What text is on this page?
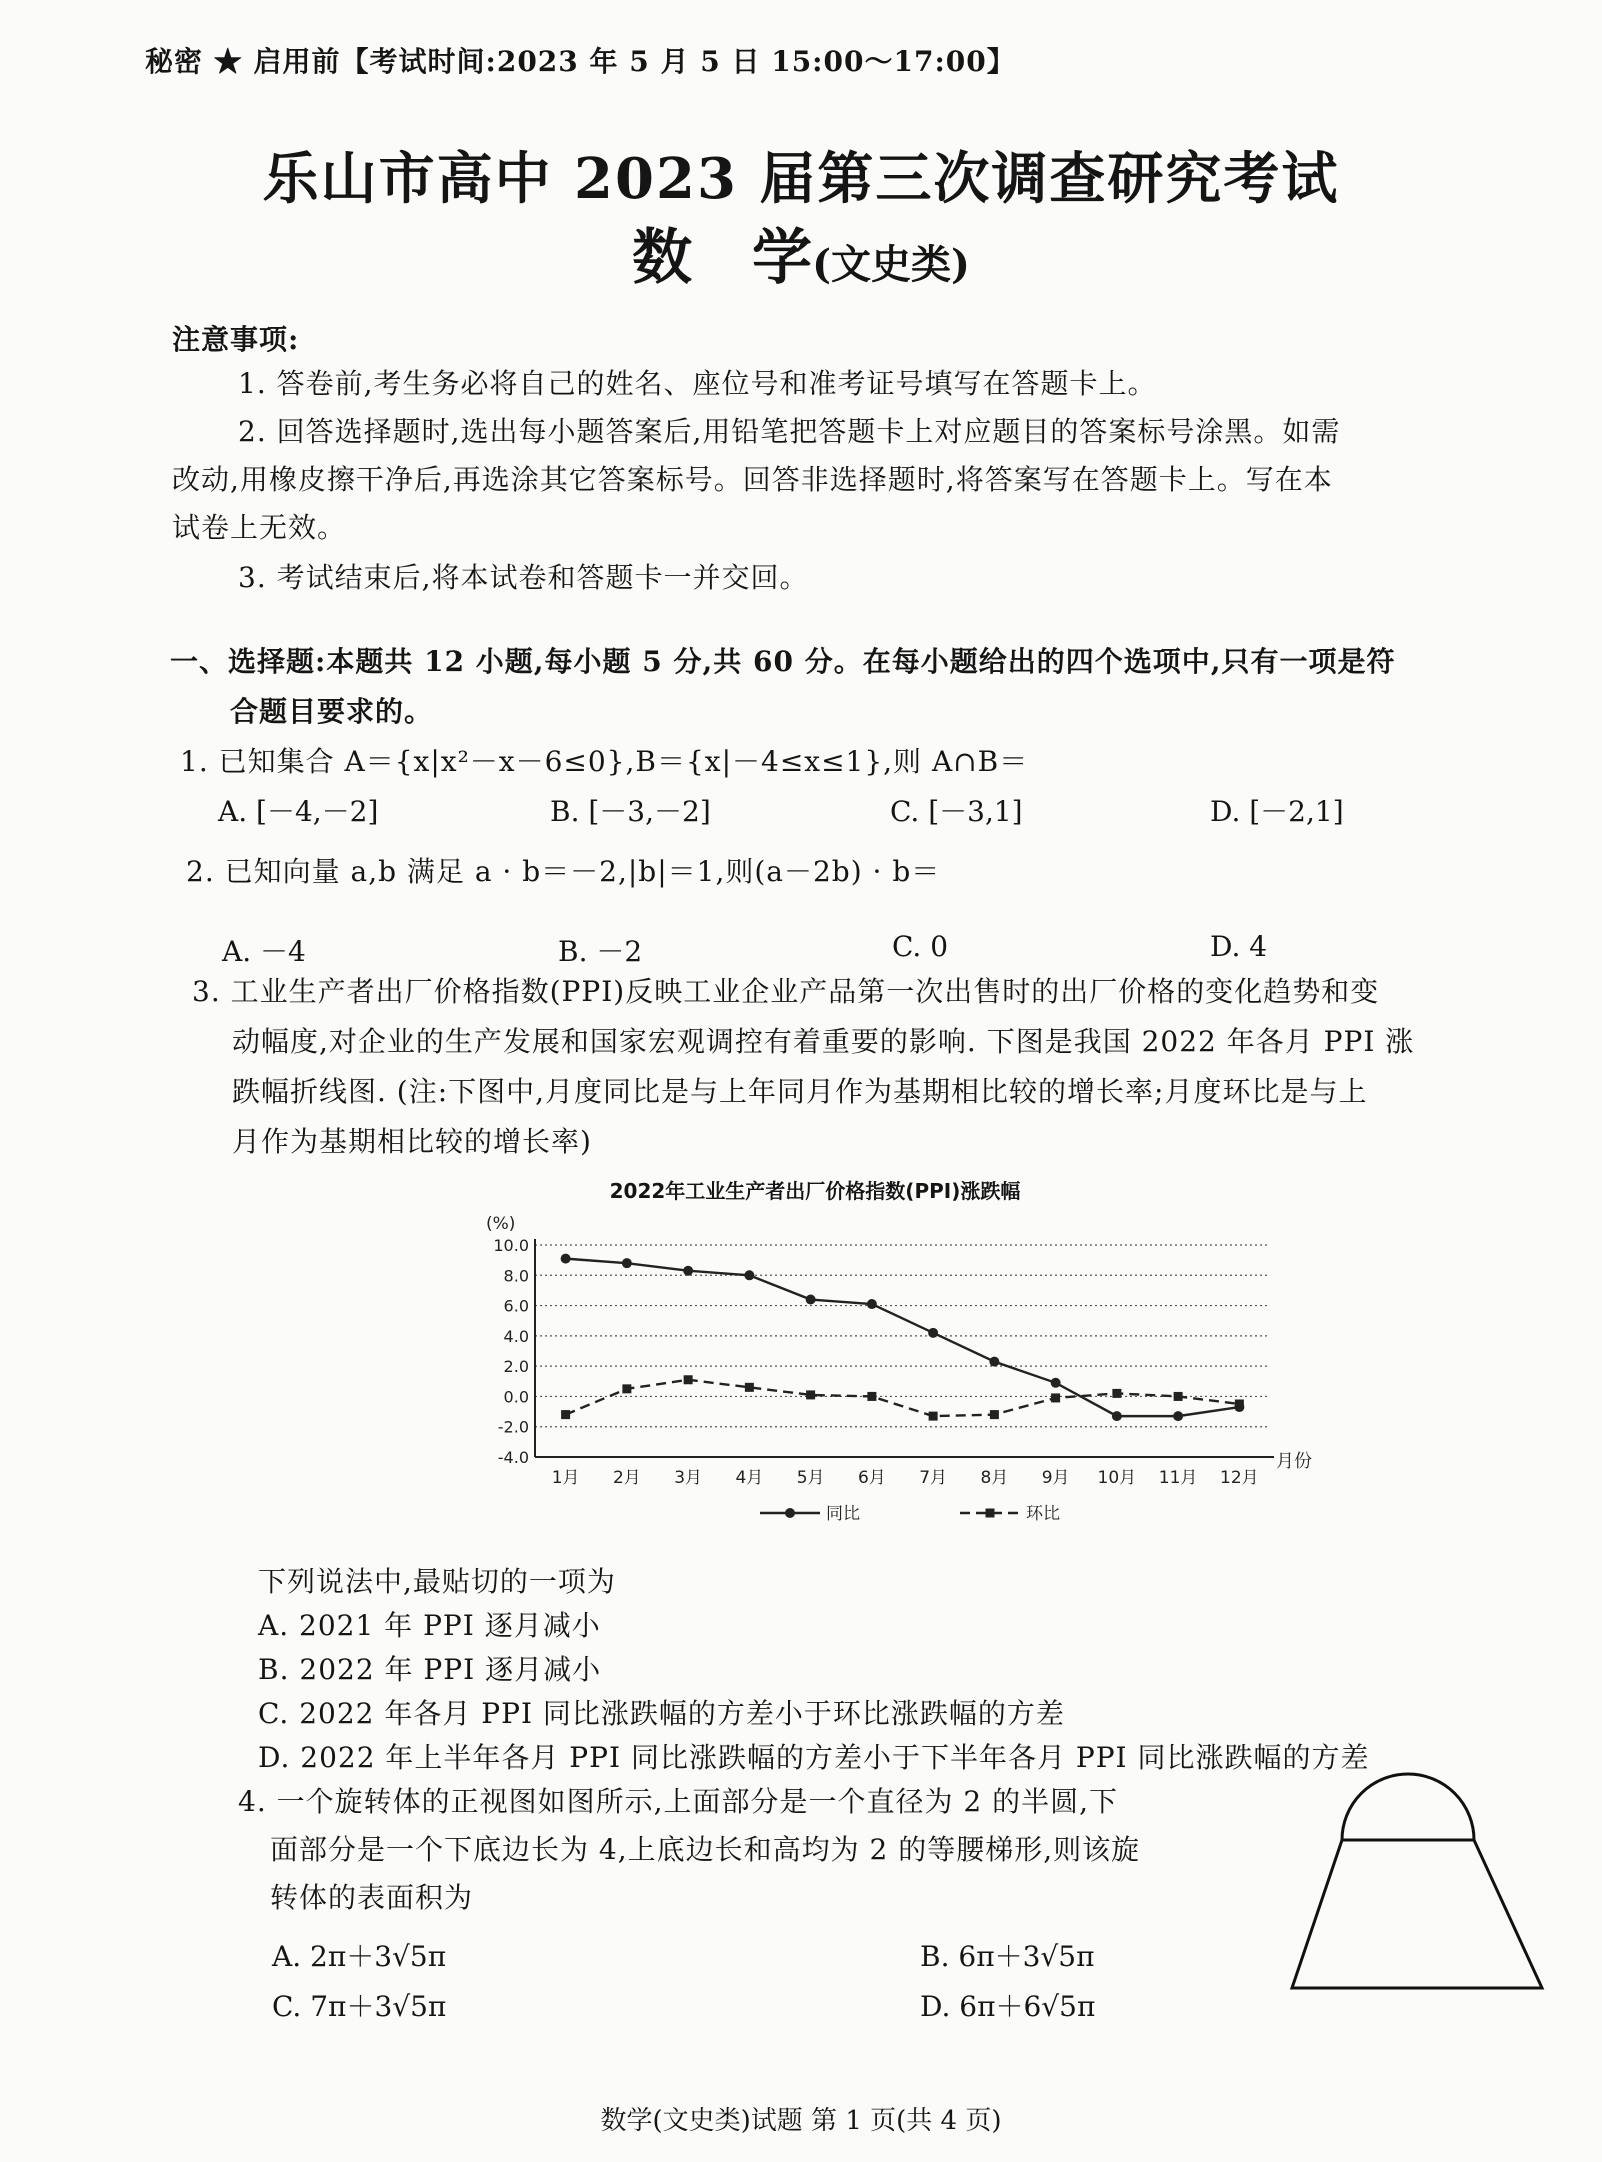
秘密 ★ 启用前【考试时间:2023 年 5 月 5 日 15:00～17:00】
乐山市高中 2023 届第三次调查研究考试
数　学(文史类)
注意事项:
1. 答卷前,考生务必将自己的姓名、座位号和准考证号填写在答题卡上。
2. 回答选择题时,选出每小题答案后,用铅笔把答题卡上对应题目的答案标号涂黑。如需
改动,用橡皮擦干净后,再选涂其它答案标号。回答非选择题时,将答案写在答题卡上。写在本
试卷上无效。
3. 考试结束后,将本试卷和答题卡一并交回。
一、选择题:本题共 12 小题,每小题 5 分,共 60 分。在每小题给出的四个选项中,只有一项是符
合题目要求的。
1. 已知集合 A＝{x|x²－x－6≤0},B＝{x|－4≤x≤1},则 A∩B＝
A. [－4,－2]	B. [－3,－2]	C. [－3,1]	D. [－2,1]
2. 已知向量 a,b 满足 a · b＝－2,|b|＝1,则(a－2b) · b＝
A. －4	B. －2	C. 0	D. 4
3. 工业生产者出厂价格指数(PPI)反映工业企业产品第一次出售时的出厂价格的变化趋势和变
动幅度,对企业的生产发展和国家宏观调控有着重要的影响. 下图是我国 2022 年各月 PPI 涨
跌幅折线图. (注:下图中,月度同比是与上年同月作为基期相比较的增长率;月度环比是与上
月作为基期相比较的增长率)
2022年工业生产者出厂价格指数(PPI)涨跌幅
(%)
10.0
8.0
6.0
4.0
2.0
0.0
-2.0
-4.0
1月 2月 3月 4月 5月 6月 7月 8月 9月 10月 11月 12月
月份
同比	环比
下列说法中,最贴切的一项为
A. 2021 年 PPI 逐月减小
B. 2022 年 PPI 逐月减小
C. 2022 年各月 PPI 同比涨跌幅的方差小于环比涨跌幅的方差
D. 2022 年上半年各月 PPI 同比涨跌幅的方差小于下半年各月 PPI 同比涨跌幅的方差
4. 一个旋转体的正视图如图所示,上面部分是一个直径为 2 的半圆,下
面部分是一个下底边长为 4,上底边长和高均为 2 的等腰梯形,则该旋
转体的表面积为
A. 2π＋3√5π	B. 6π＋3√5π
C. 7π＋3√5π	D. 6π＋6√5π
数学(文史类)试题 第 1 页(共 4 页)
